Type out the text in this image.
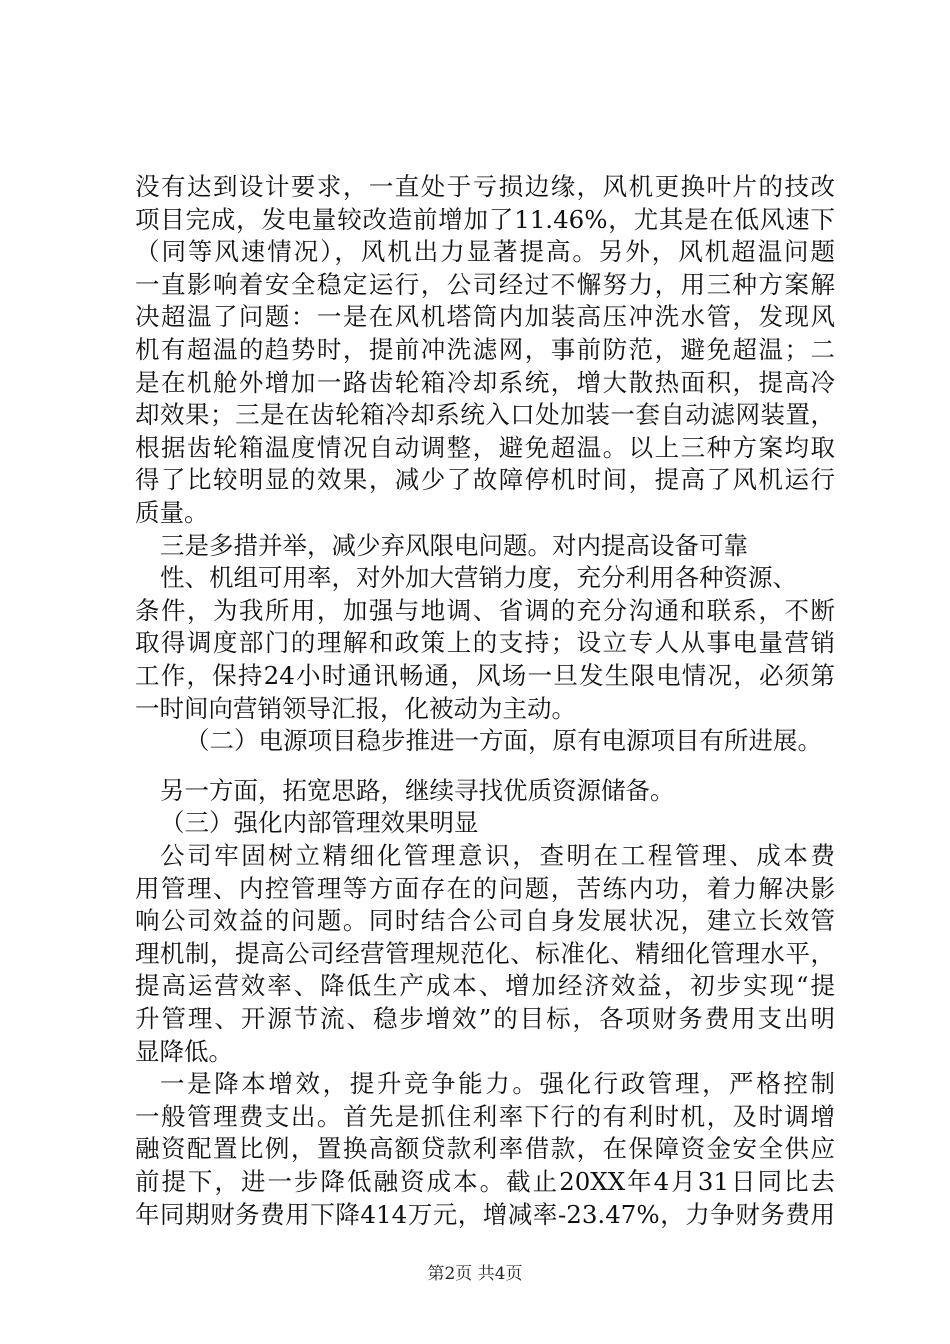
没有达到设计要求，一直处于亏损边缘，风机更换叶片的技改
项目完成，发电量较改造前增加了11.46%，尤其是在低风速下
（同等风速情况），风机出力显著提高。另外，风机超温问题
一直影响着安全稳定运行，公司经过不懈努力，用三种方案解
决超温了问题：一是在风机塔筒内加装高压冲洗水管，发现风
机有超温的趋势时，提前冲洗滤网，事前防范，避免超温；二
是在机舱外增加一路齿轮箱冷却系统，增大散热面积，提高冷
却效果；三是在齿轮箱冷却系统入口处加装一套自动滤网装置，
根据齿轮箱温度情况自动调整，避免超温。以上三种方案均取
得了比较明显的效果，减少了故障停机时间，提高了风机运行
质量。
三是多措并举，减少弃风限电问题。对内提高设备可靠
性、机组可用率，对外加大营销力度，充分利用各种资源、
条件，为我所用，加强与地调、省调的充分沟通和联系，不断
取得调度部门的理解和政策上的支持；设立专人从事电量营销
工作，保持24小时通讯畅通，风场一旦发生限电情况，必须第
一时间向营销领导汇报，化被动为主动。
（二）电源项目稳步推进一方面，原有电源项目有所进展。
另一方面，拓宽思路，继续寻找优质资源储备。
（三）强化内部管理效果明显
公司牢固树立精细化管理意识，查明在工程管理、成本费
用管理、内控管理等方面存在的问题，苦练内功，着力解决影
响公司效益的问题。同时结合公司自身发展状况，建立长效管
理机制，提高公司经营管理规范化、标准化、精细化管理水平，
提高运营效率、降低生产成本、增加经济效益，初步实现“提
升管理、开源节流、稳步增效”的目标，各项财务费用支出明
显降低。
一是降本增效，提升竞争能力。强化行政管理，严格控制
一般管理费支出。首先是抓住利率下行的有利时机，及时调增
融资配置比例，置换高额贷款利率借款，在保障资金安全供应
前提下，进一步降低融资成本。截止20XX年4月31日同比去
年同期财务费用下降414万元，增减率-23.47%，力争财务费用
第2页 共4页
